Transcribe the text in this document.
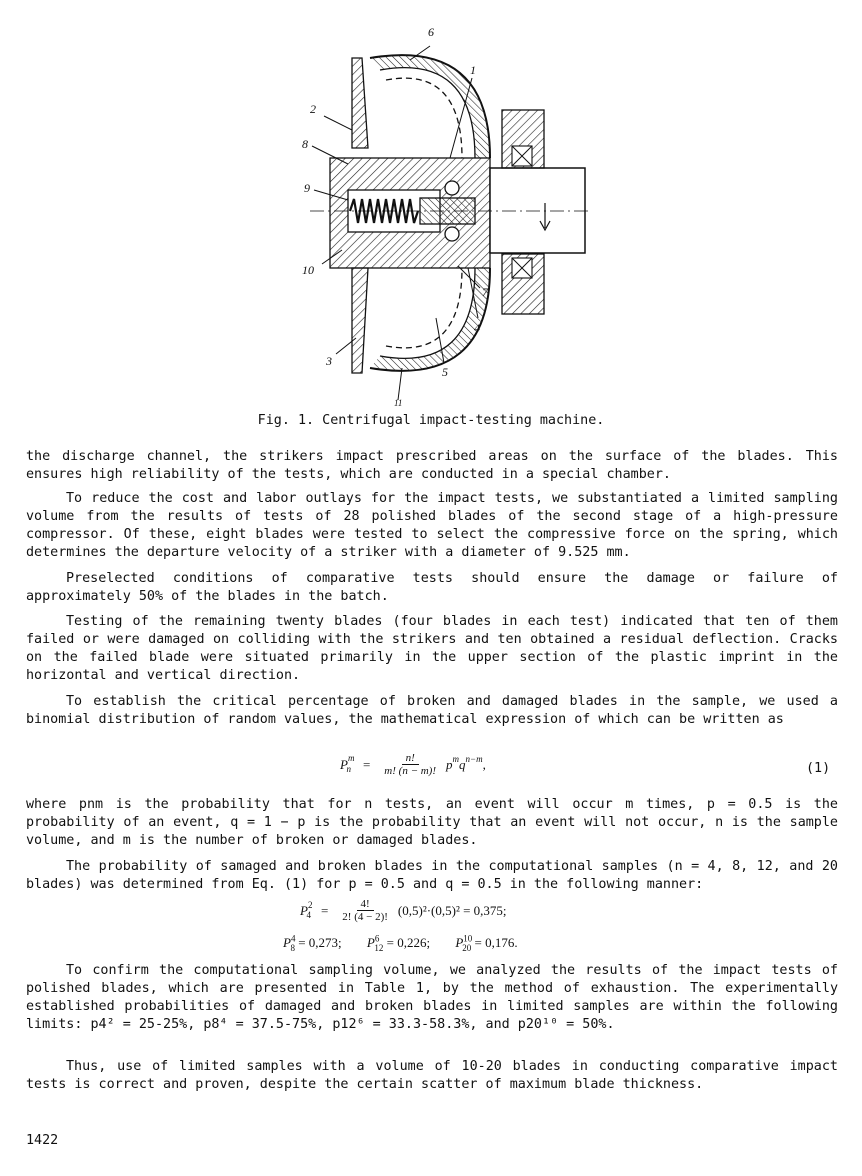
6
1
2
8
9
10
7
4
3
5
11
Fig. 1. Centrifugal impact-testing machine.

the discharge channel, the strikers impact prescribed areas on the surface of the blades. This ensures high reliability of the tests, which are conducted in a special chamber.

To reduce the cost and labor outlays for the impact tests, we substantiated a limited sampling volume from the results of tests of 28 polished blades of the second stage of a high-pressure compressor. Of these, eight blades were tested to select the compressive force on the spring, which determines the departure velocity of a striker with a diameter of 9.525 mm.

Preselected conditions of comparative tests should ensure the damage or failure of approximately 50% of the blades in the batch.

Testing of the remaining twenty blades (four blades in each test) indicated that ten of them failed or were damaged on colliding with the strikers and ten obtained a residual deflection. Cracks on the failed blade were situated primarily in the upper section of the plastic imprint in the horizontal and vertical direction.

To establish the critical percentage of broken and damaged blades in the sample, we used a binomial distribution of random values, the mathematical expression of which can be written as

P m
$n = \frac{n!}{m! (n - m)!}$ p m q n−m ,	(1)

where pnm is the probability that for n tests, an event will occur m times, p = 0.5 is the probability of an event, q = 1 − p is the probability that an event will not occur, n is the sample volume, and m is the number of broken or damaged blades.

The probability of samaged and broken blades in the computational samples (n = 4, 8, 12, and 20 blades) was determined from Eq. (1) for p = 0.5 and q = 0.5 in the following manner:

P 2
$4 = \frac{4!}{2! (4 - 2)!} (0,5)^2\cdot(0,5)^2 = 0,375$;
$P^4_8 = 0,273$; $P^6_{12} = 0,226$; $P^{10}_{20} = 0,176$.

To confirm the computational sampling volume, we analyzed the results of the impact tests of polished blades, which are presented in Table 1, by the method of exhaustion. The experimentally established probabilities of damaged and broken blades in limited samples are within the following limits: p4² = 25-25%, p8⁴ = 37.5-75%, p12⁶ = 33.3-58.3%, and p20¹⁰ = 50%.

Thus, use of limited samples with a volume of 10-20 blades in conducting comparative impact tests is correct and proven, despite the certain scatter of maximum blade thickness.

1422
